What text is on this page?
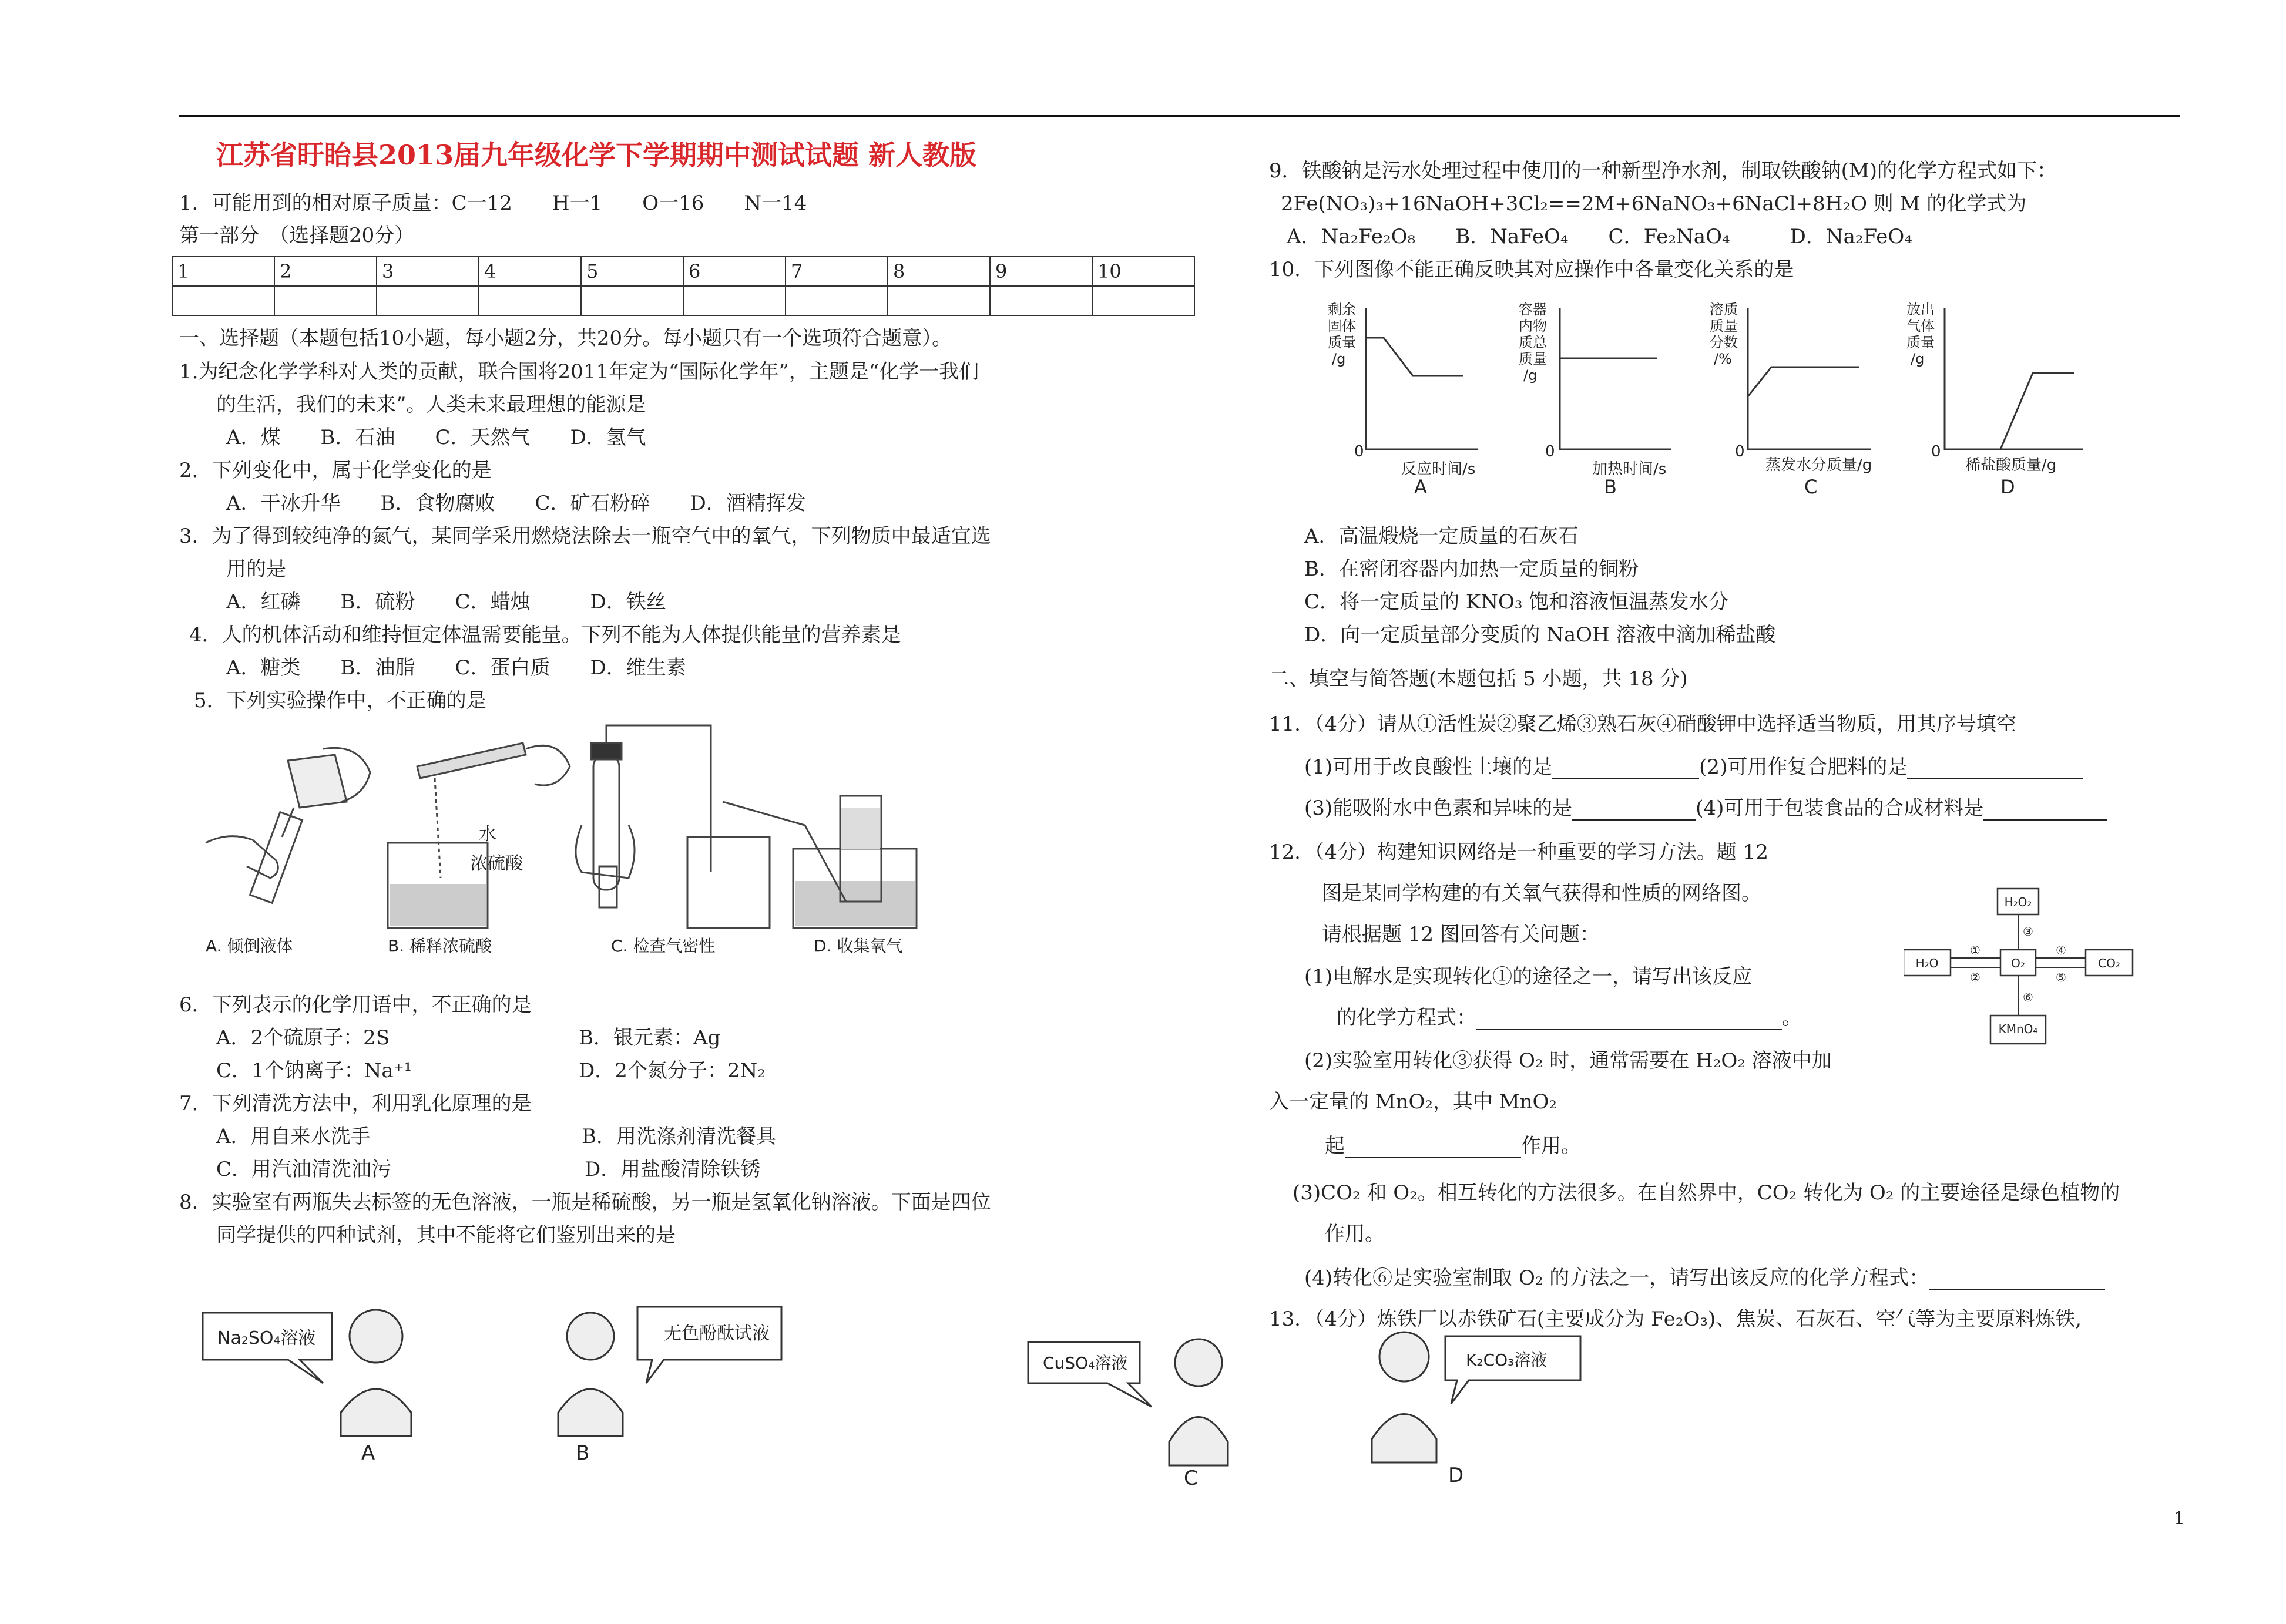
江苏省盱眙县2013届九年级化学下学期期中测试试题 新人教版
1．可能用到的相对原子质量：C一12　　H一1　　O一16　　N一14
第一部分　（选择题20分）
1	2	3	4	5	6	7	8	9	10

一、选择题（本题包括10小题，每小题2分，共20分。每小题只有一个选项符合题意）。
1.为纪念化学学科对人类的贡献，联合国将2011年定为“国际化学年”，主题是“化学一我们
的生活，我们的未来”。人类未来最理想的能源是
A．煤　　B．石油　　C．天然气　　D．氢气
2．下列变化中，属于化学变化的是
A．干冰升华　　B．食物腐败　　C．矿石粉碎　　D．酒精挥发
3．为了得到较纯净的氮气，某同学采用燃烧法除去一瓶空气中的氧气，下列物质中最适宜选
用的是
A．红磷　　B．硫粉　　C．蜡烛　　　D．铁丝
4．人的机体活动和维持恒定体温需要能量。下列不能为人体提供能量的营养素是
A．糖类　　B．油脂　　C．蛋白质　　D．维生素
5．下列实验操作中，不正确的是
水
浓硫酸
A. 倾倒液体	B. 稀释浓硫酸	C. 检查气密性	D. 收集氧气
6．下列表示的化学用语中，不正确的是
A．2个硫原子：2S	B．银元素：Ag
C．1个钠离子：Na⁺¹	D．2个氮分子：2N₂
7．下列清洗方法中，利用乳化原理的是
A．用自来水洗手	B．用洗涤剂清洗餐具
C．用汽油清洗油污	D．用盐酸清除铁锈
8．实验室有两瓶失去标签的无色溶液，一瓶是稀硫酸，另一瓶是氢氧化钠溶液。下面是四位
同学提供的四种试剂，其中不能将它们鉴别出来的是
Na₂SO₄溶液	无色酚酞试液
CuSO₄溶液	K₂CO₃溶液
A	B
C	D
9．铁酸钠是污水处理过程中使用的一种新型净水剂，制取铁酸钠(M)的化学方程式如下：
2Fe(NO₃)₃+16NaOH+3Cl₂==2M+6NaNO₃+6NaCl+8H₂O 则 M 的化学式为
A．Na₂Fe₂O₈　　B．NaFeO₄　　C．Fe₂NaO₄　　　D．Na₂FeO₄
10．下列图像不能正确反映其对应操作中各量变化关系的是
剩余
固体
质量
/g
容器
内物
质总
质量
/g
溶质
质量
分数
/%
放出
气体
质量
/g
0	0	0	0
反应时间/s	加热时间/s	蒸发水分质量/g	稀盐酸质量/g
A	B	C	D
A．高温煅烧一定质量的石灰石
B．在密闭容器内加热一定质量的铜粉
C．将一定质量的 KNO₃ 饱和溶液恒温蒸发水分
D．向一定质量部分变质的 NaOH 溶液中滴加稀盐酸
二、填空与简答题(本题包括 5 小题，共 18 分)
11．（4分）请从①活性炭②聚乙烯③熟石灰④硝酸钾中选择适当物质，用其序号填空
(1)可用于改良酸性土壤的是	(2)可用作复合肥料的是
(3)能吸附水中色素和异味的是	(4)可用于包装食品的合成材料是
12．（4分）构建知识网络是一种重要的学习方法。题 12
图是某同学构建的有关氧气获得和性质的网络图。
请根据题 12 图回答有关问题：
H₂O₂
H₂O	O₂	CO₂
KMnO₄
①
②
③
④
⑤
⑥
(1)电解水是实现转化①的途径之一，请写出该反应
的化学方程式：	。
(2)实验室用转化③获得 O₂ 时，通常需要在 H₂O₂ 溶液中加
入一定量的 MnO₂，其中 MnO₂
起	作用。
(3)CO₂ 和 O₂。相互转化的方法很多。在自然界中，CO₂ 转化为 O₂ 的主要途径是绿色植物的
作用。
(4)转化⑥是实验室制取 O₂ 的方法之一，请写出该反应的化学方程式：
13．（4分）炼铁厂以赤铁矿石(主要成分为 Fe₂O₃)、焦炭、石灰石、空气等为主要原料炼铁,
1
